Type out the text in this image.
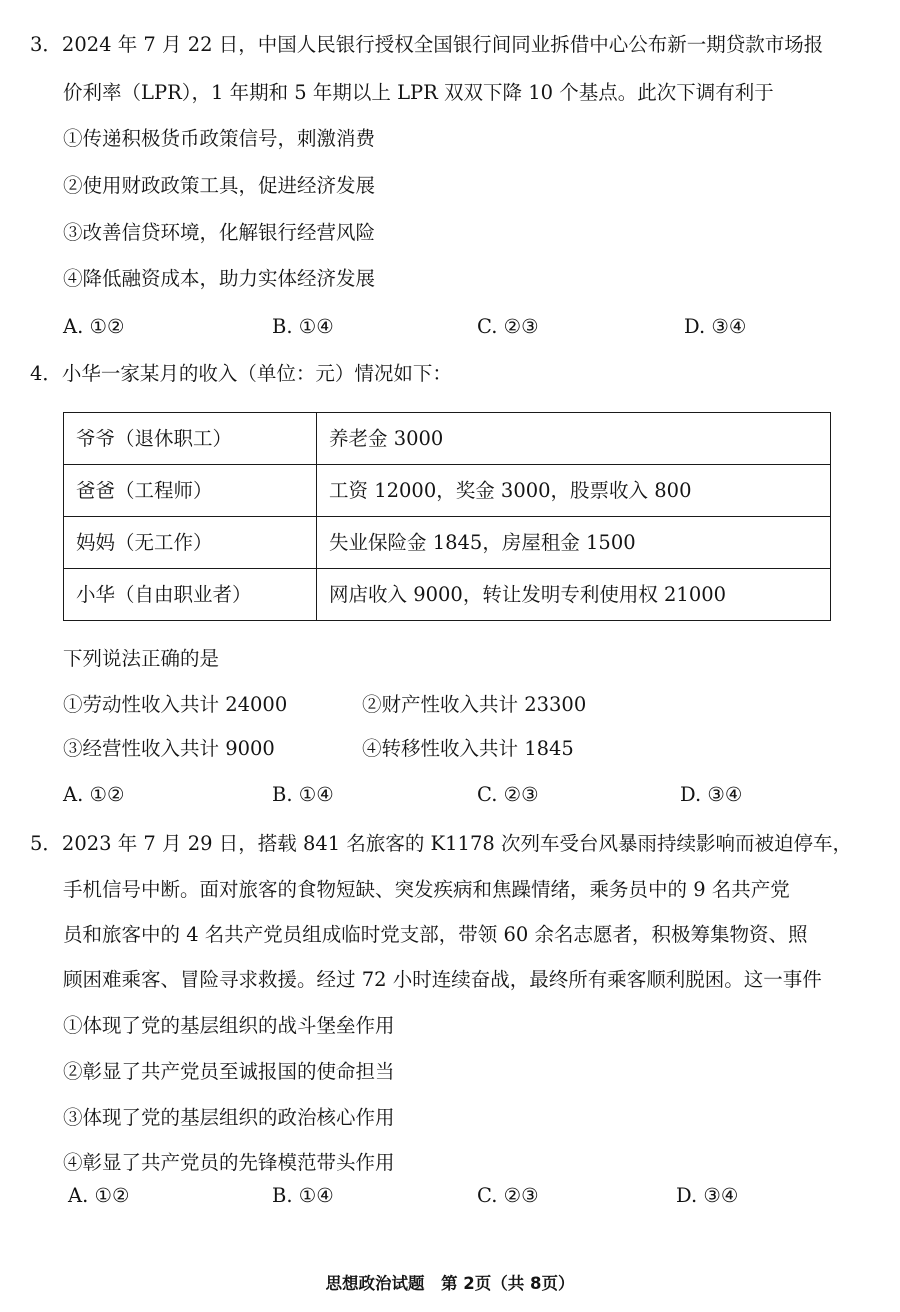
3．2024 年 7 月 22 日，中国人民银行授权全国银行间同业拆借中心公布新一期贷款市场报
价利率（LPR），1 年期和 5 年期以上 LPR 双双下降 10 个基点。此次下调有利于
①传递积极货币政策信号，刺激消费
②使用财政政策工具，促进经济发展
③改善信贷环境，化解银行经营风险
④降低融资成本，助力实体经济发展
A. ①②	B. ①④	C. ②③	D. ③④
4．小华一家某月的收入（单位：元）情况如下：
爷爷（退休职工）	养老金 3000
爸爸（工程师）	工资 12000，奖金 3000，股票收入 800
妈妈（无工作）	失业保险金 1845，房屋租金 1500
小华（自由职业者）	网店收入 9000，转让发明专利使用权 21000
下列说法正确的是
①劳动性收入共计 24000	②财产性收入共计 23300
③经营性收入共计 9000	④转移性收入共计 1845
A. ①②	B. ①④	C. ②③	D. ③④
5．2023 年 7 月 29 日，搭载 841 名旅客的 K1178 次列车受台风暴雨持续影响而被迫停车，
手机信号中断。面对旅客的食物短缺、突发疾病和焦躁情绪，乘务员中的 9 名共产党
员和旅客中的 4 名共产党员组成临时党支部，带领 60 余名志愿者，积极筹集物资、照
顾困难乘客、冒险寻求救援。经过 72 小时连续奋战，最终所有乘客顺利脱困。这一事件
①体现了党的基层组织的战斗堡垒作用
②彰显了共产党员至诚报国的使命担当
③体现了党的基层组织的政治核心作用
④彰显了共产党员的先锋模范带头作用
A. ①②	B. ①④	C. ②③	D. ③④
思想政治试题　第 2页（共 8页）
